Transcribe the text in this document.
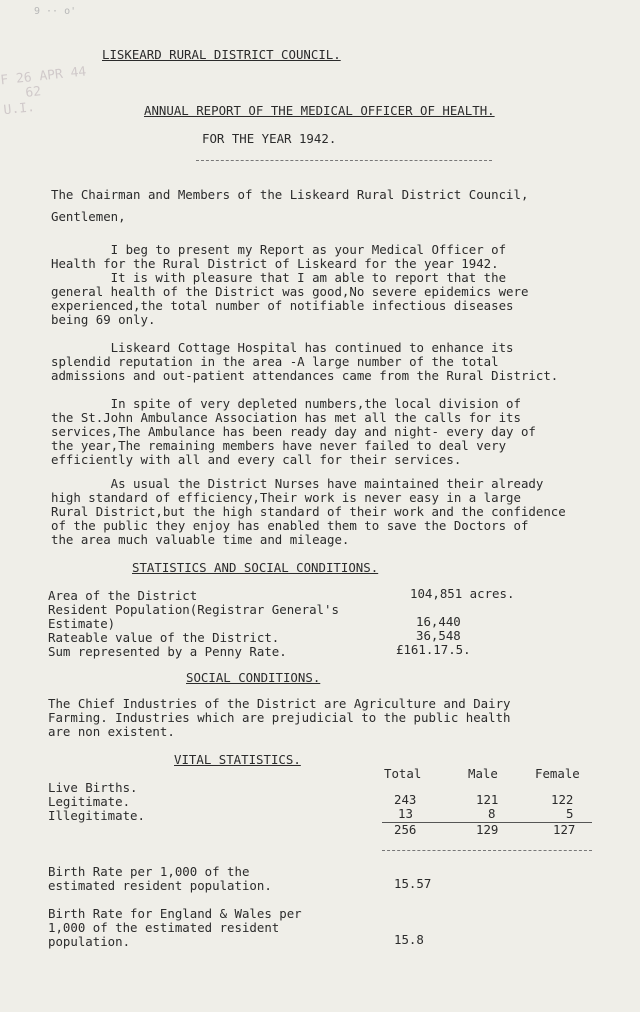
9 ·· o'
F 26 APR 44
62
U.I.
LISKEARD RURAL DISTRICT COUNCIL.
ANNUAL REPORT OF THE MEDICAL OFFICER OF HEALTH.
FOR THE YEAR 1942.
The Chairman and Members of the Liskeard Rural District Council,
Gentlemen,
I beg to present my Report as your Medical Officer of
Health for the Rural District of Liskeard for the year 1942.
It is with pleasure that I am able to report that the
general health of the District was good,No severe epidemics were
experienced,the total number of notifiable infectious diseases
being 69 only.
Liskeard Cottage Hospital has continued to enhance its
splendid reputation in the area -A large number of the total
admissions and out-patient attendances came from the Rural District.
In spite of very depleted numbers,the local division of
the St.John Ambulance Association has met all the calls for its
services,The Ambulance has been ready day and night- every day of
the year,The remaining members have never failed to deal very
efficiently with all and every call for their services.
As usual the District Nurses have maintained their already
high standard of efficiency,Their work is never easy in a large
Rural District,but the high standard of their work and the confidence
of the public they enjoy has enabled them to save the Doctors of
the area much valuable time and mileage.
STATISTICS AND SOCIAL CONDITIONS.
Area of the District	104,851 acres.
Resident Population(Registrar General's
Estimate)	16,440
Rateable value of the District.	36,548
Sum represented by a Penny Rate.	£161.17.5.
SOCIAL CONDITIONS.
The Chief Industries of the District are Agriculture and Dairy
Farming. Industries which are prejudicial to the public health
are non existent.
VITAL STATISTICS.
Total	Male	Female
Live Births.
Legitimate.	243	121	122
Illegitimate.	13	8	5
256	129	127
Birth Rate per 1,000 of the
estimated resident population.	15.57
Birth Rate for England & Wales per
1,000 of the estimated resident
population.	15.8
